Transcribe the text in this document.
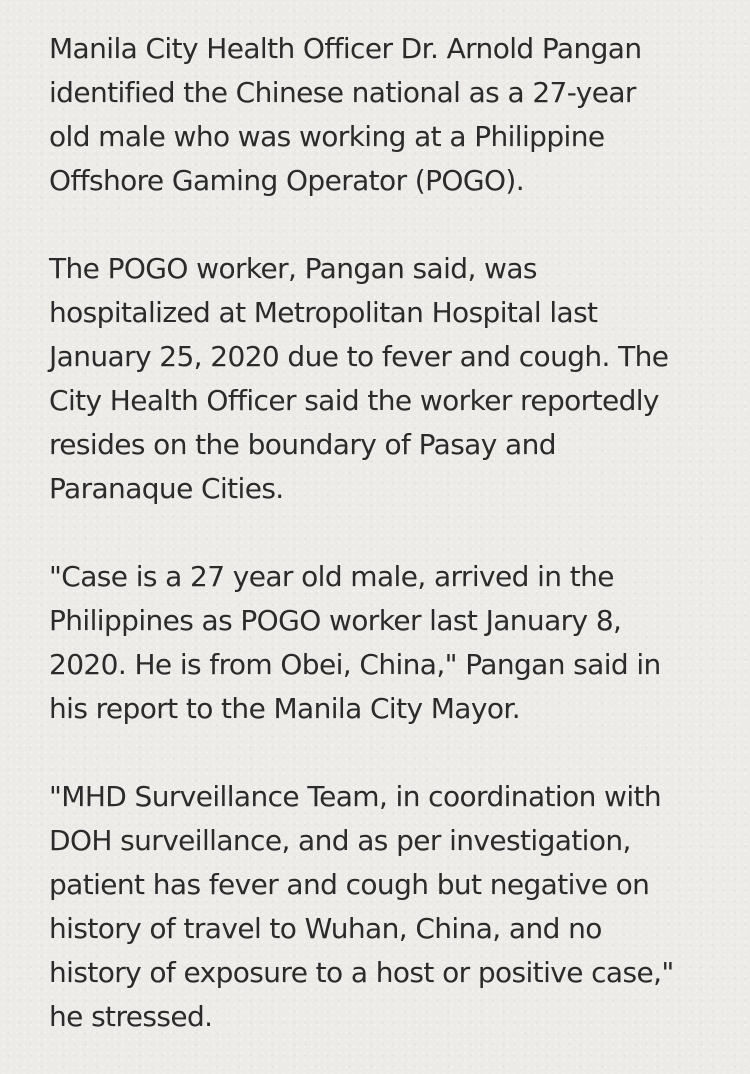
Manila City Health Officer Dr. Arnold Pangan
identified the Chinese national as a 27-year
old male who was working at a Philippine
Offshore Gaming Operator (POGO).

The POGO worker, Pangan said, was
hospitalized at Metropolitan Hospital last
January 25, 2020 due to fever and cough. The
City Health Officer said the worker reportedly
resides on the boundary of Pasay and
Paranaque Cities.

"Case is a 27 year old male, arrived in the
Philippines as POGO worker last January 8,
2020. He is from Obei, China," Pangan said in
his report to the Manila City Mayor.

"MHD Surveillance Team, in coordination with
DOH surveillance, and as per investigation,
patient has fever and cough but negative on
history of travel to Wuhan, China, and no
history of exposure to a host or positive case,"
he stressed.
